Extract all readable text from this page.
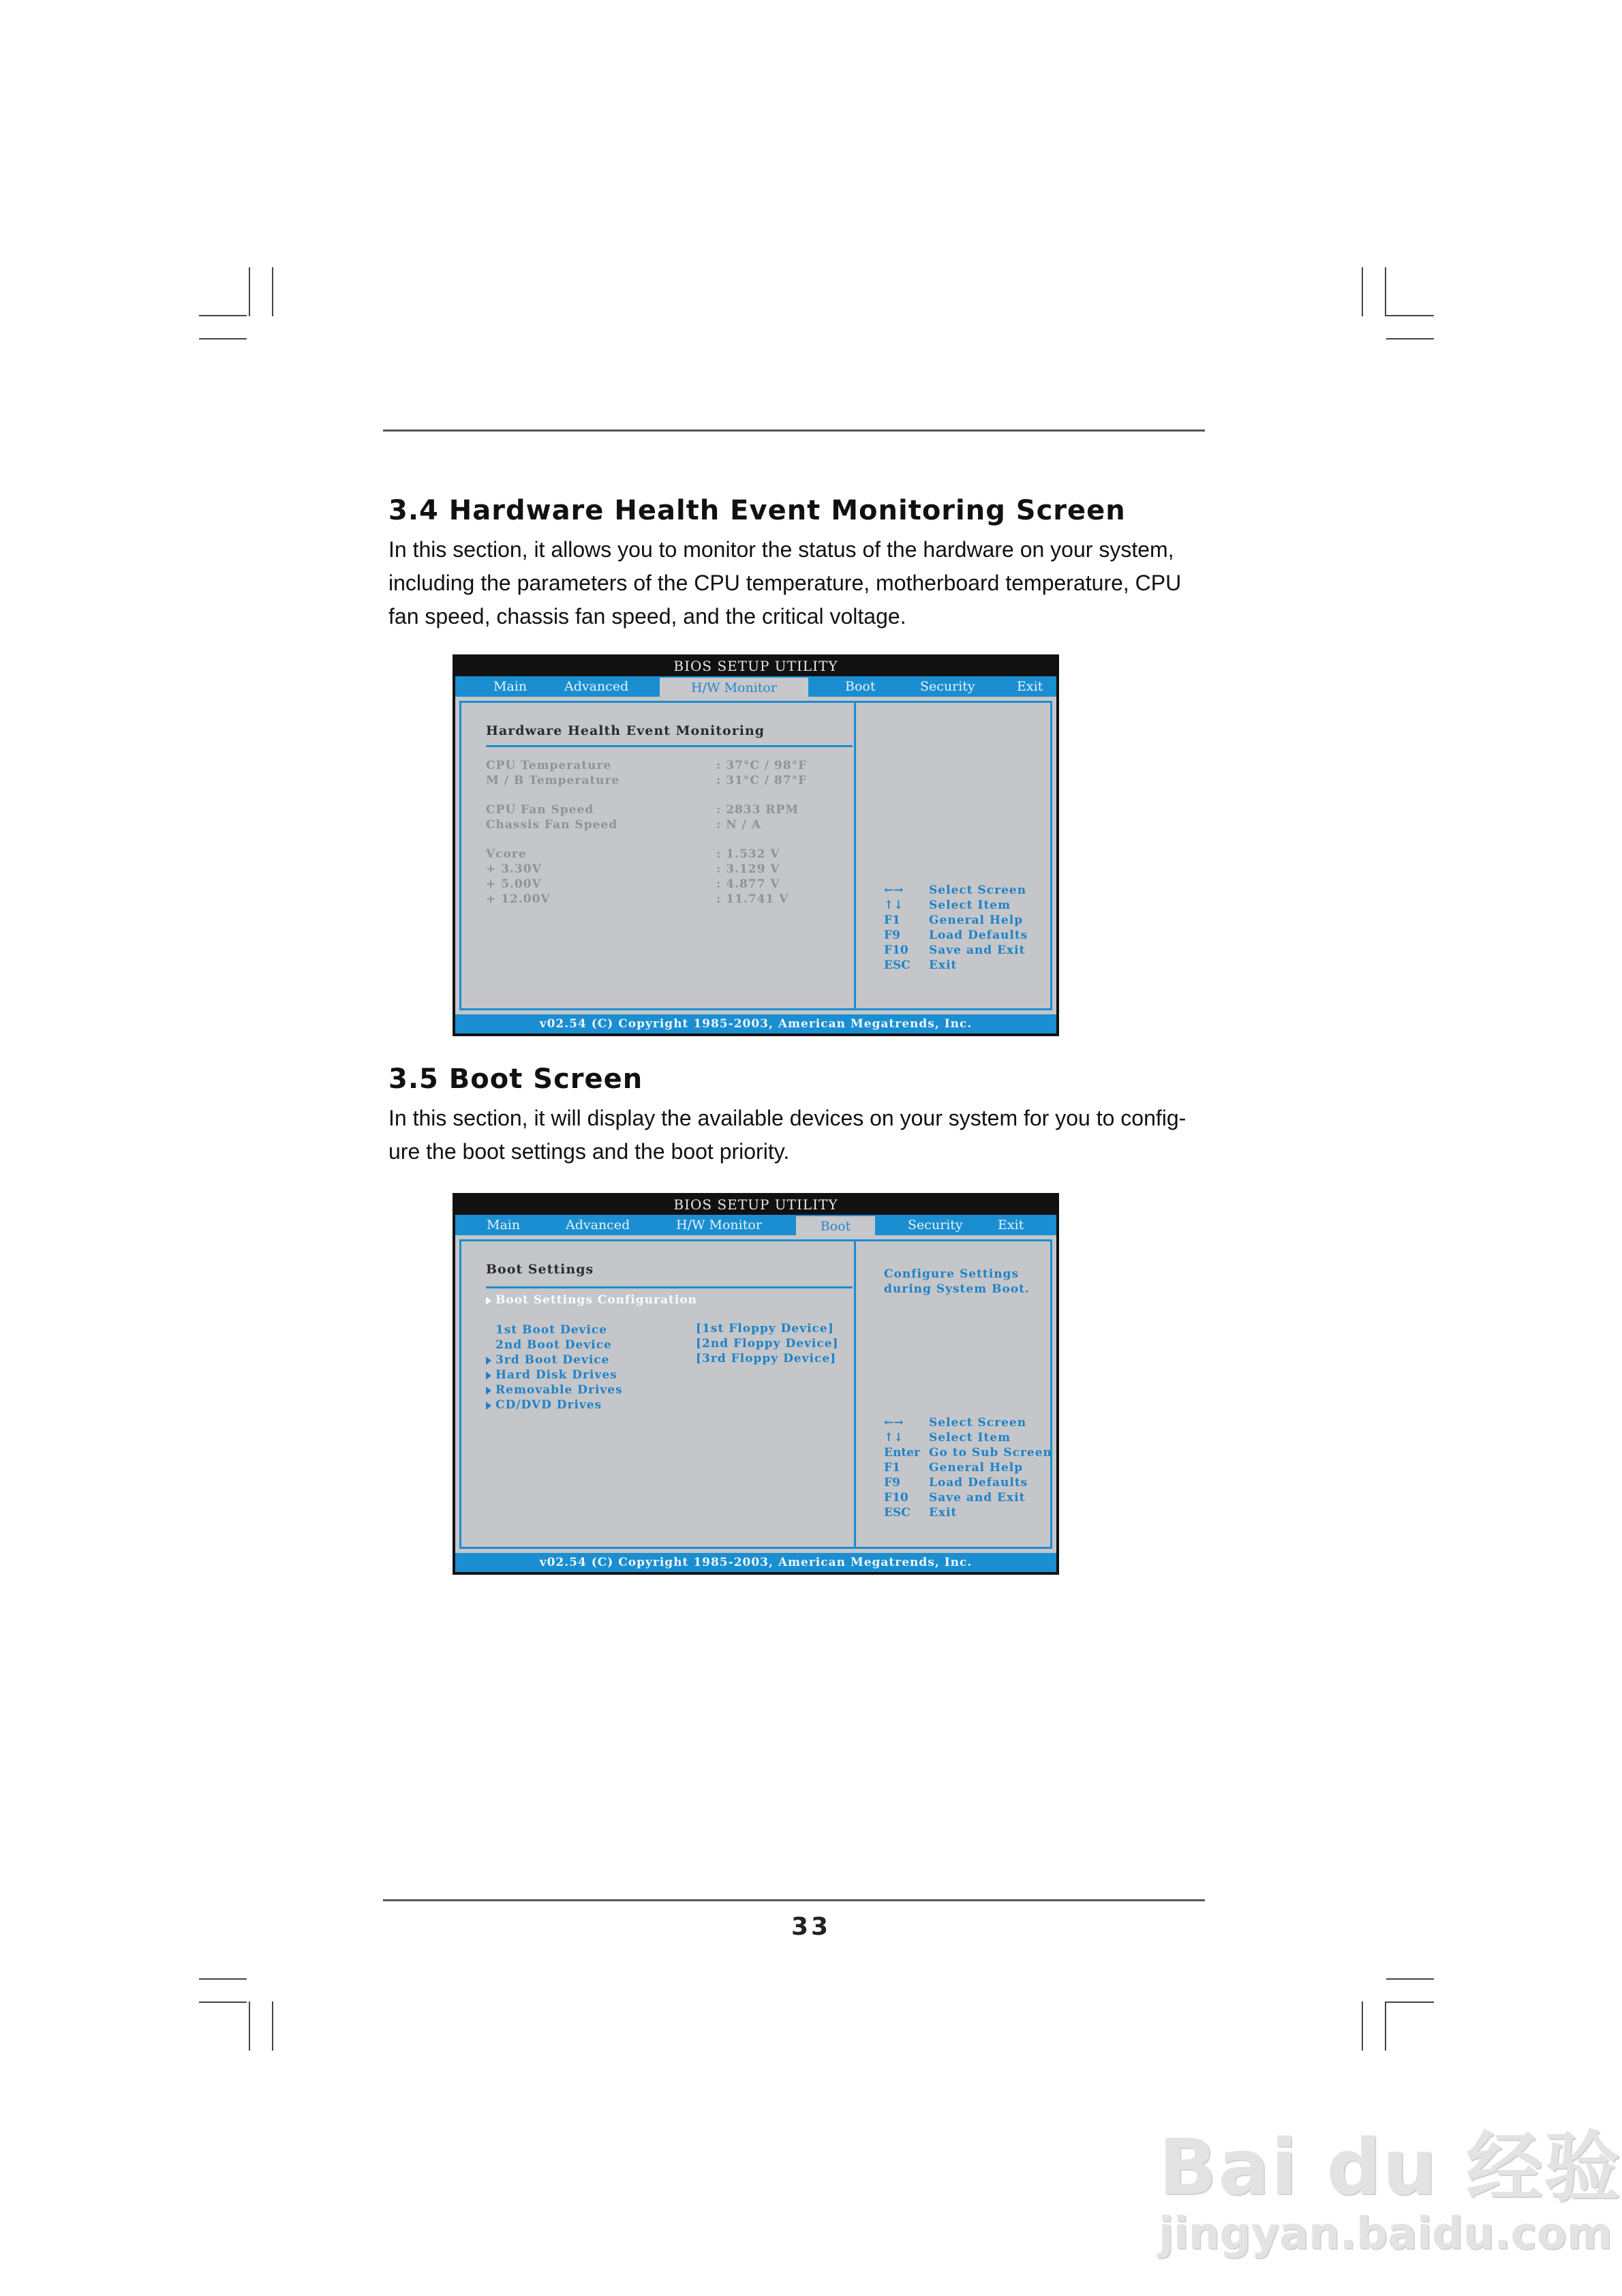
3.4 Hardware Health Event Monitoring Screen
In this section, it allows you to monitor the status of the hardware on your system, including the parameters of the CPU temperature, motherboard temperature, CPU fan speed, chassis fan speed, and the critical voltage.
BIOS SETUP UTILITY
Main	Advanced	H/W Monitor	Boot	Security	Exit
Hardware Health Event Monitoring
CPU Temperature	: 37°C / 98°F
M / B Temperature	: 31°C / 87°F
CPU Fan Speed	: 2833 RPM
Chassis Fan Speed	: N / A
Vcore	: 1.532 V
+ 3.30V	: 3.129 V
+ 5.00V	: 4.877 V
+ 12.00V	: 11.741 V
←→ Select Screen
↑↓ Select Item
F1 General Help
F9 Load Defaults
F10 Save and Exit
ESC Exit
v02.54 (C) Copyright 1985-2003, American Megatrends, Inc.
3.5 Boot Screen
In this section, it will display the available devices on your system for you to config-
ure the boot settings and the boot priority.
BIOS SETUP UTILITY
Main	Advanced	H/W Monitor	Boot	Security	Exit
Boot Settings
Boot Settings Configuration
1st Boot Device	[1st Floppy Device]
2nd Boot Device	[2nd Floppy Device]
3rd Boot Device	[3rd Floppy Device]
Hard Disk Drives
Removable Drives
CD/DVD Drives
Configure Settings
during System Boot.
←→ Select Screen
↑↓ Select Item
Enter Go to Sub Screen
F1 General Help
F9 Load Defaults
F10 Save and Exit
ESC Exit
v02.54 (C) Copyright 1985-2003, American Megatrends, Inc.
33
Bai du 经验
jingyan.baidu.com
